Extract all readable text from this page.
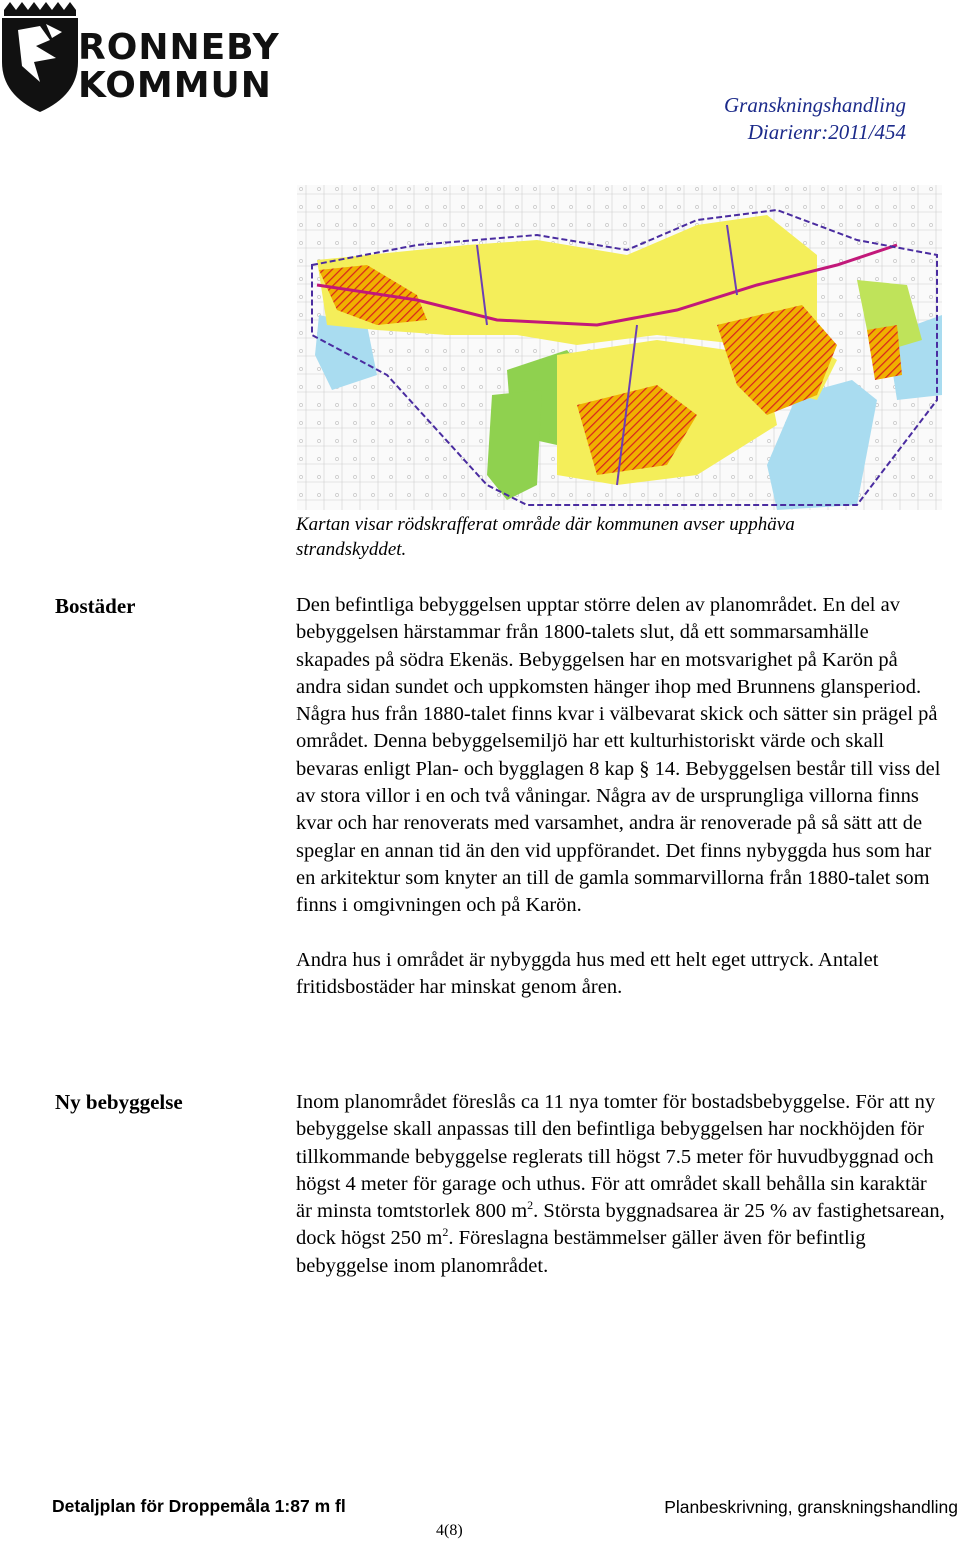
RONNEBY
KOMMUN	Granskningshandling
Diarienr:2011/454
Kartan visar rödskrafferat område där kommunen avser upphäva strandskyddet.
Bostäder	Den befintliga bebyggelsen upptar större delen av planområdet. En del av bebyggelsen härstammar från 1800-talets slut, då ett sommarsamhälle skapades på södra Ekenäs. Bebyggelsen har en motsvarighet på Karön på andra sidan sundet och uppkomsten hänger ihop med Brunnens glansperiod. Några hus från 1880-talet finns kvar i välbevarat skick och sätter sin prägel på området. Denna bebyggelsemiljö har ett kulturhistoriskt värde och skall bevaras enligt Plan- och bygglagen 8 kap § 14. Bebyggelsen består till viss del av stora villor i en och två våningar. Några av de ursprungliga villorna finns kvar och har renoverats med varsamhet, andra är renoverade på så sätt att de speglar en annan tid än den vid uppförandet. Det finns nybyggda hus som har en arkitektur som knyter an till de gamla sommarvillorna från 1880-talet som finns i omgivningen och på Karön.

Andra hus i området är nybyggda hus med ett helt eget uttryck. Antalet fritidsbostäder har minskat genom åren.

Ny bebyggelse	Inom planområdet föreslås ca 11 nya tomter för bostadsbebyggelse. För att ny bebyggelse skall anpassas till den befintliga bebyggelsen har nockhöjden för tillkommande bebyggelse reglerats till högst 7.5 meter för huvudbyggnad och högst 4 meter för garage och uthus. För att området skall behålla sin karaktär är minsta tomtstorlek 800 $m^2$. Största byggnadsarea är 25 % av fastighetsarean, dock högst 250 $m^2$. Föreslagna bestämmelser gäller även för befintlig bebyggelse inom planområdet.

Detaljplan för Droppemåla 1:87 m fl	Planbeskrivning, granskningshandling
4(8)
